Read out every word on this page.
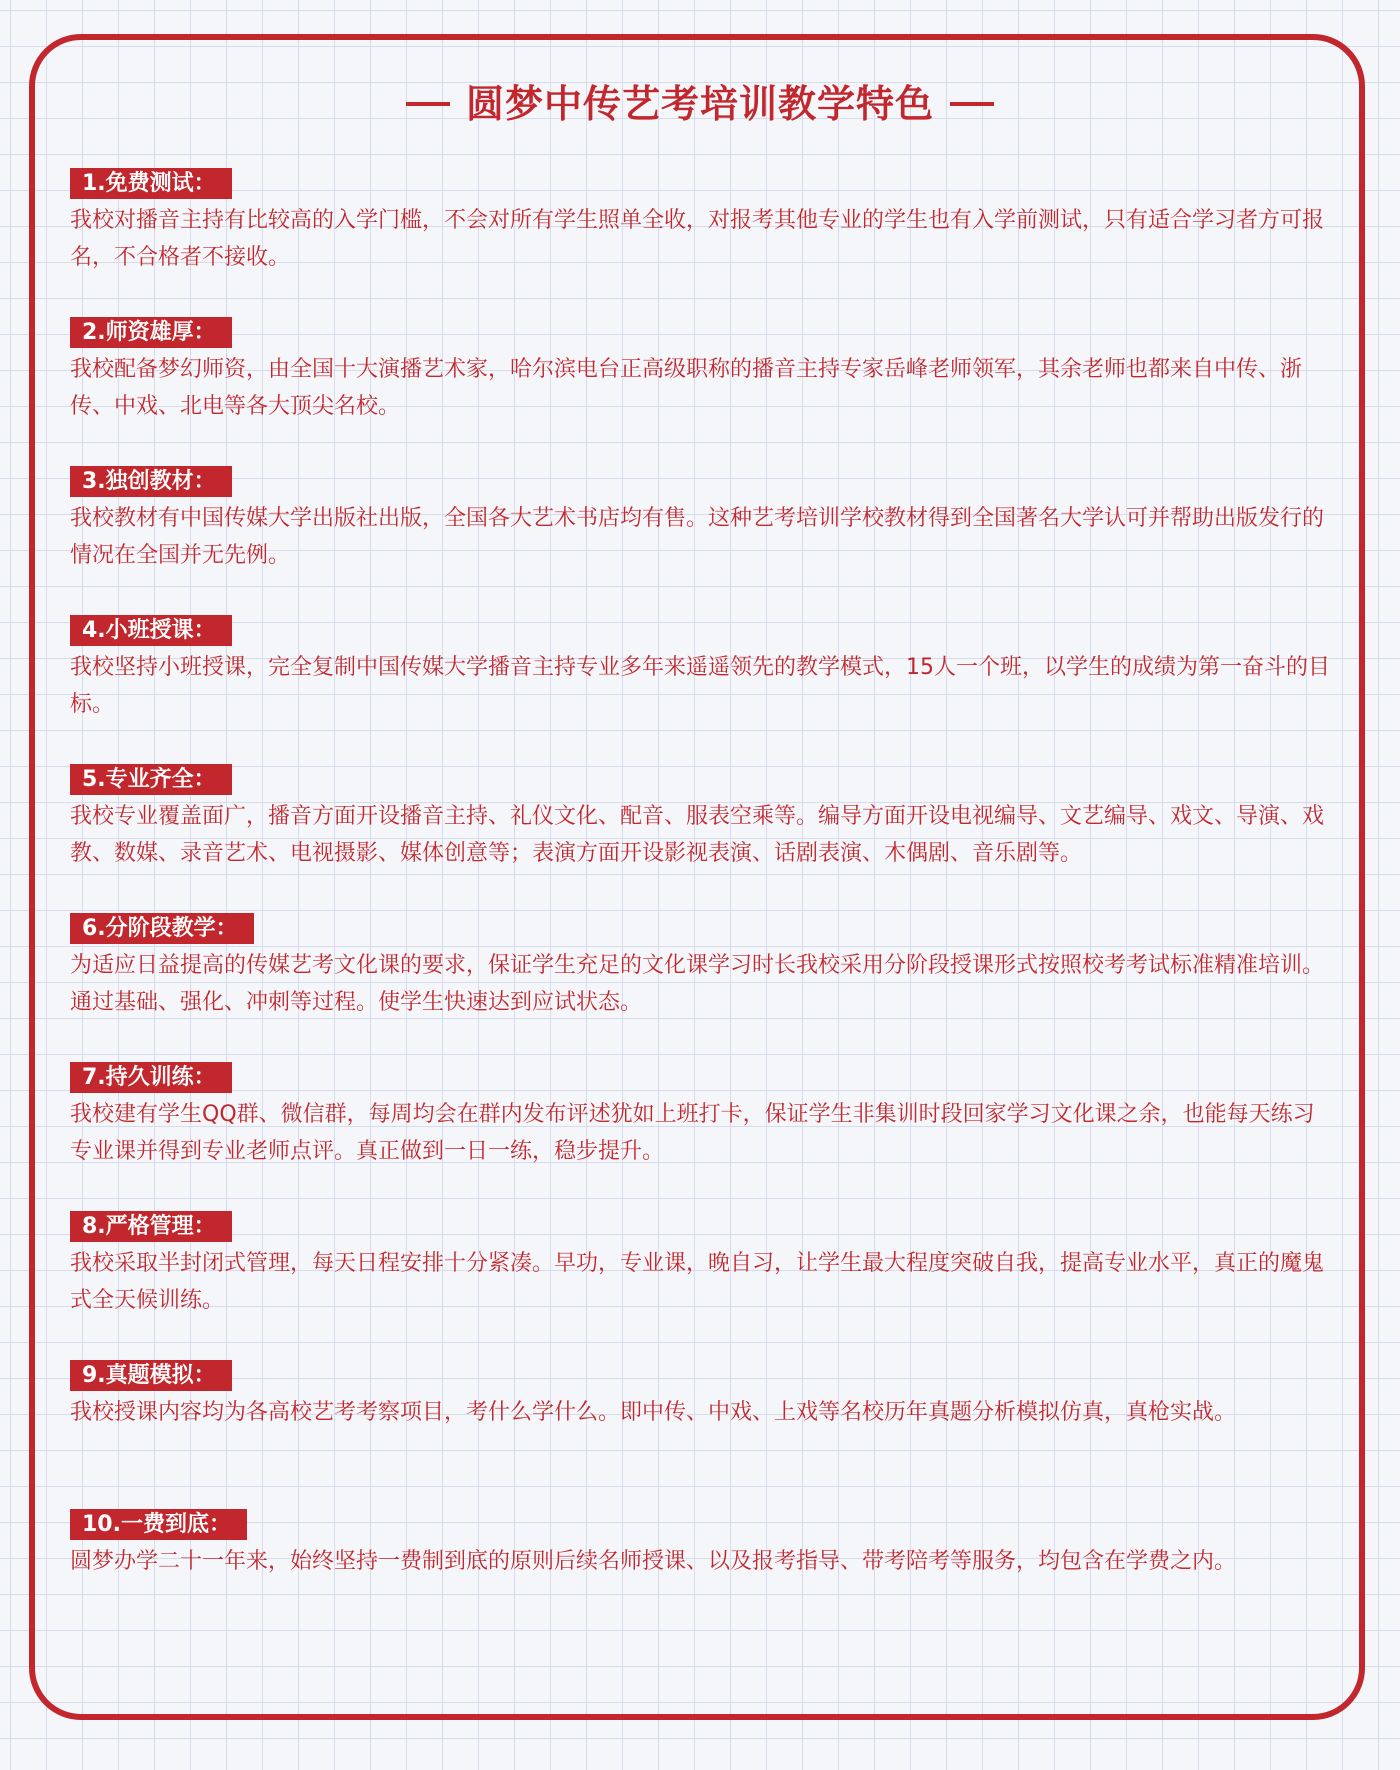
圆梦中传艺考培训教学特色
1.免费测试：

我校对播音主持有比较高的入学门槛，不会对所有学生照单全收，对报考其他专业的学生也有入学前测试，只有适合学习者方可报名，不合格者不接收。

2.师资雄厚：

我校配备梦幻师资，由全国十大演播艺术家，哈尔滨电台正高级职称的播音主持专家岳峰老师领军，其余老师也都来自中传、浙传、中戏、北电等各大顶尖名校。

3.独创教材：

我校教材有中国传媒大学出版社出版，全国各大艺术书店均有售。这种艺考培训学校教材得到全国著名大学认可并帮助出版发行的情况在全国并无先例。

4.小班授课：

我校坚持小班授课，完全复制中国传媒大学播音主持专业多年来遥遥领先的教学模式，15人一个班，以学生的成绩为第一奋斗的目标。

5.专业齐全：

我校专业覆盖面广，播音方面开设播音主持、礼仪文化、配音、服表空乘等。编导方面开设电视编导、文艺编导、戏文、导演、戏教、数媒、录音艺术、电视摄影、媒体创意等；表演方面开设影视表演、话剧表演、木偶剧、音乐剧等。

6.分阶段教学：

为适应日益提高的传媒艺考文化课的要求，保证学生充足的文化课学习时长我校采用分阶段授课形式按照校考考试标准精准培训。通过基础、强化、冲刺等过程。使学生快速达到应试状态。

7.持久训练：

我校建有学生QQ群、微信群，每周均会在群内发布评述犹如上班打卡，保证学生非集训时段回家学习文化课之余，也能每天练习专业课并得到专业老师点评。真正做到一日一练，稳步提升。

8.严格管理：

我校采取半封闭式管理，每天日程安排十分紧凑。早功，专业课，晚自习，让学生最大程度突破自我，提高专业水平，真正的魔鬼式全天候训练。

9.真题模拟：

我校授课内容均为各高校艺考考察项目，考什么学什么。即中传、中戏、上戏等名校历年真题分析模拟仿真，真枪实战。

10.一费到底：

圆梦办学二十一年来，始终坚持一费制到底的原则后续名师授课、以及报考指导、带考陪考等服务，均包含在学费之内。
